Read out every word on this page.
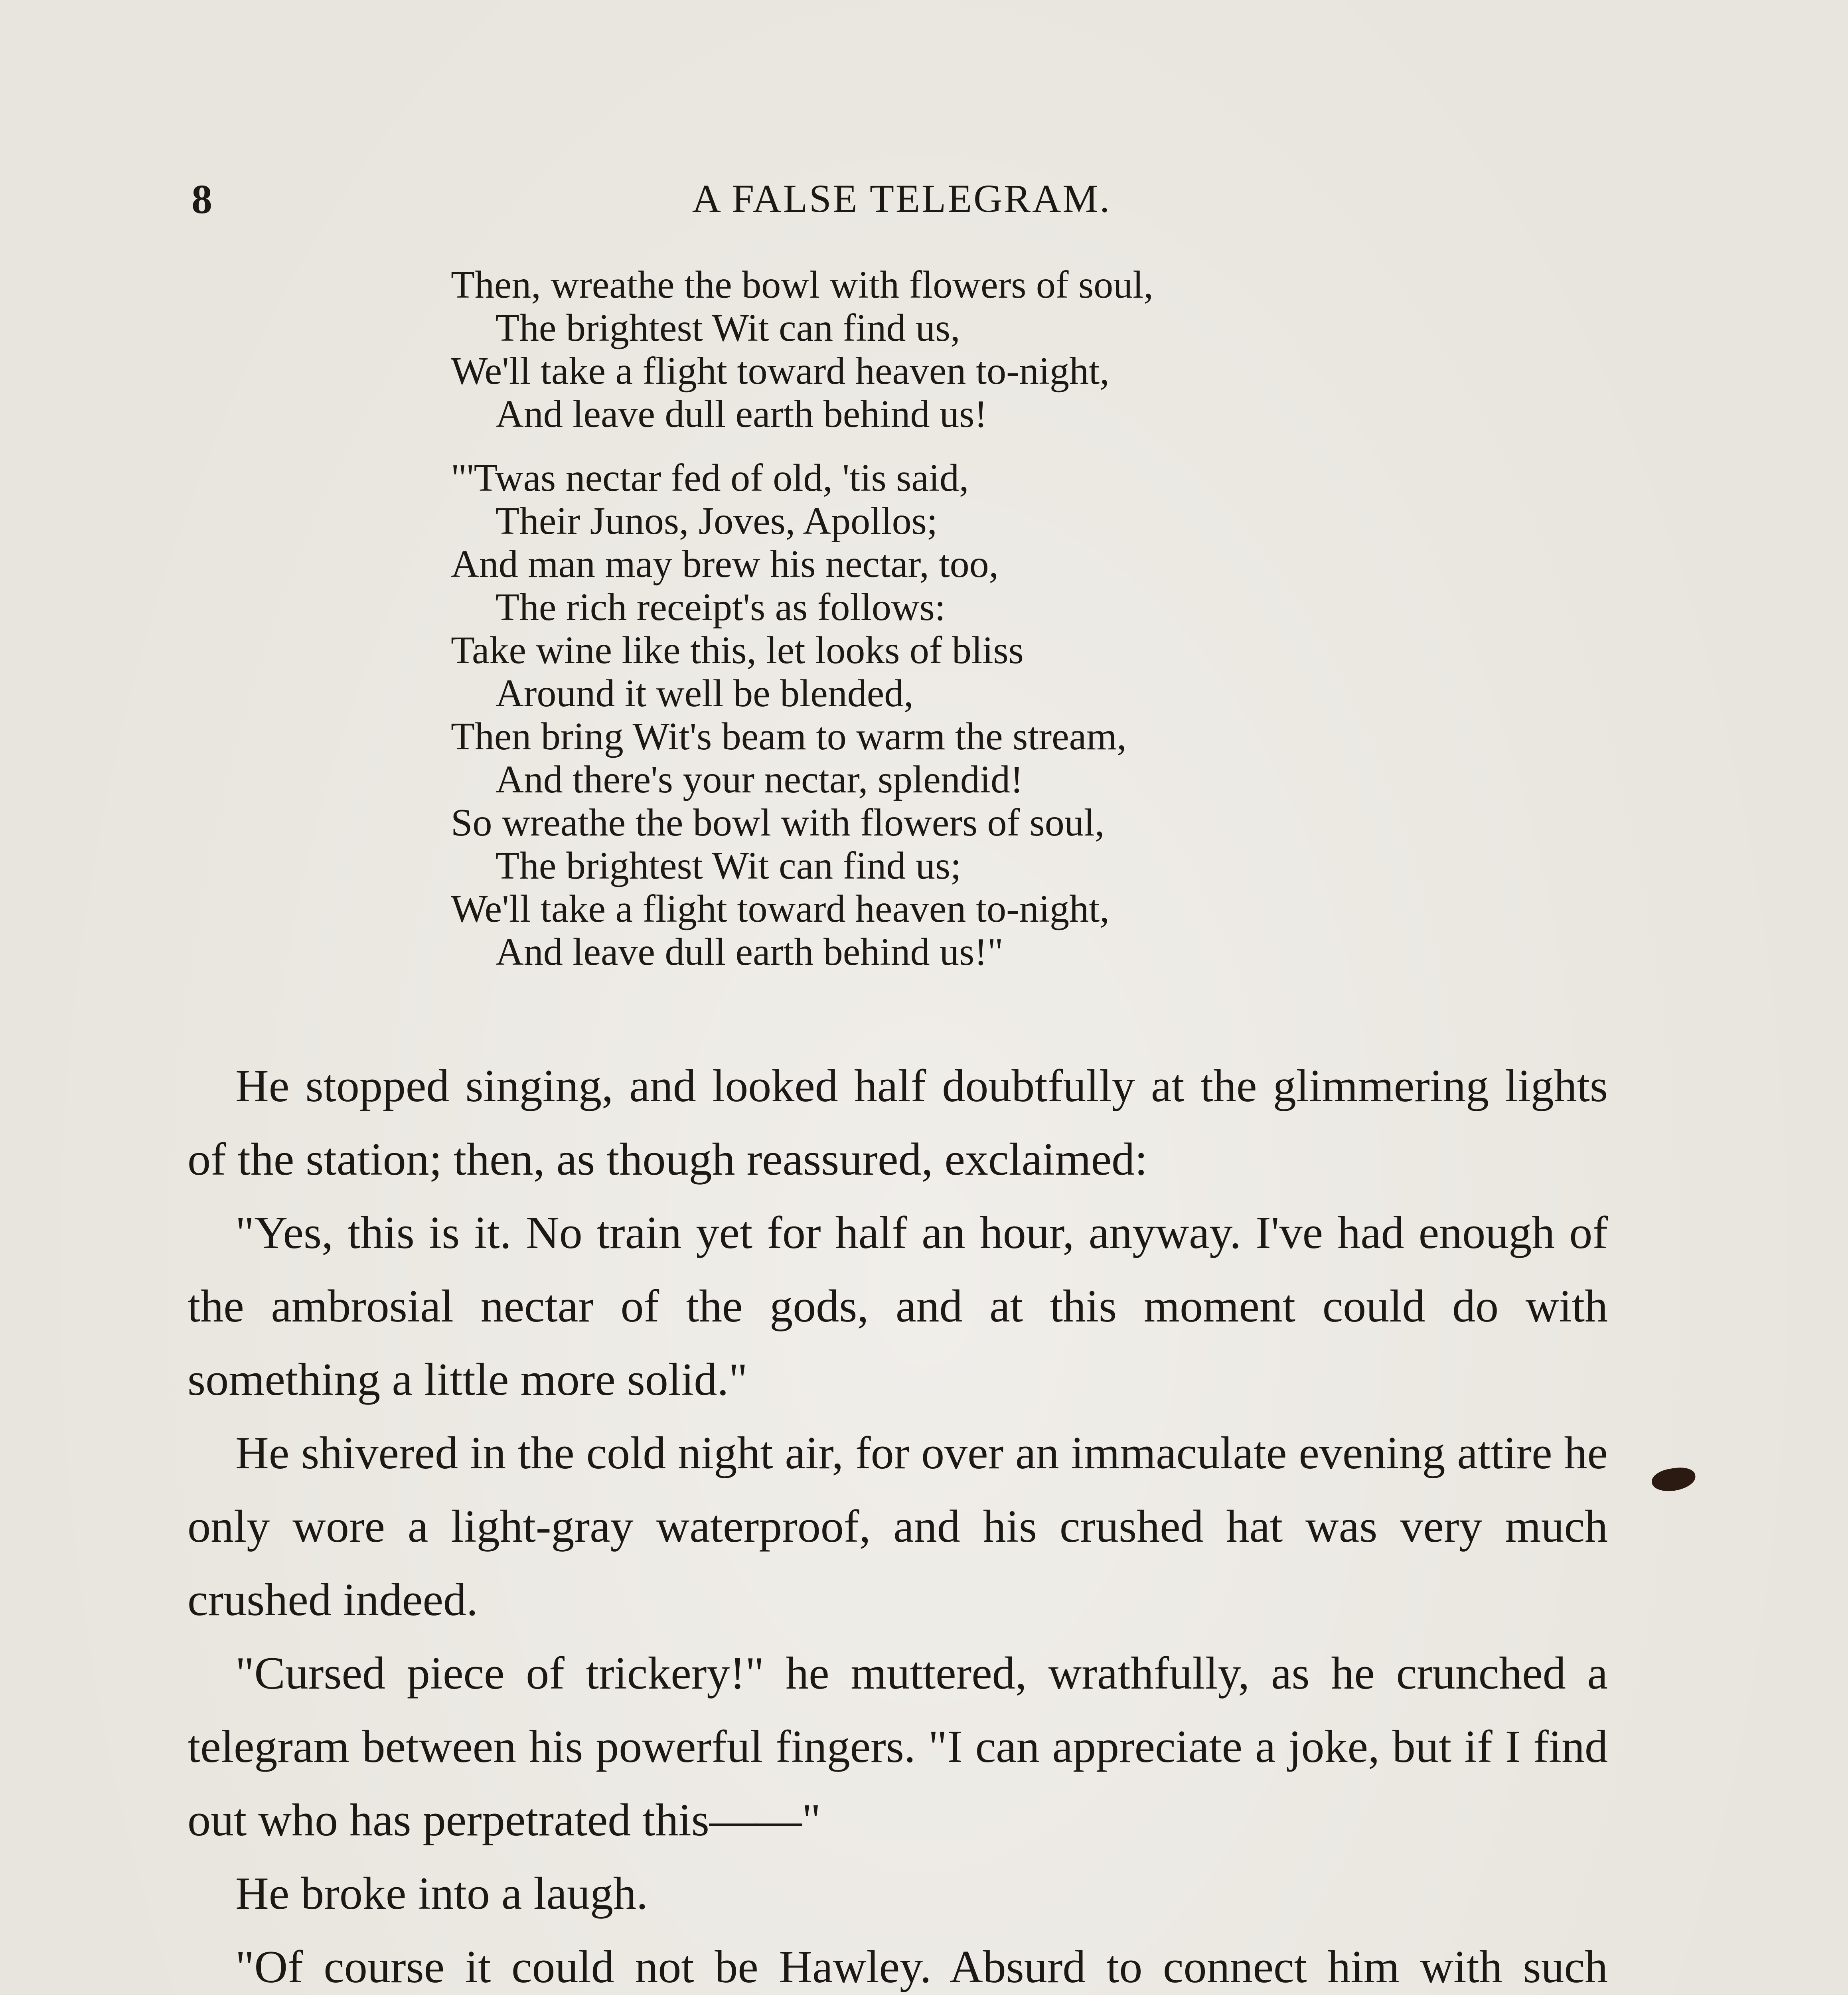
8	A FALSE TELEGRAM.
Then, wreathe the bowl with flowers of soul,
The brightest Wit can find us,
We'll take a flight toward heaven to-night,
And leave dull earth behind us!
"'Twas nectar fed of old, 'tis said,
Their Junos, Joves, Apollos;
And man may brew his nectar, too,
The rich receipt's as follows:
Take wine like this, let looks of bliss
Around it well be blended,
Then bring Wit's beam to warm the stream,
And there's your nectar, splendid!
So wreathe the bowl with flowers of soul,
The brightest Wit can find us;
We'll take a flight toward heaven to-night,
And leave dull earth behind us!"

He stopped singing, and looked half doubtfully at the glimmering lights of the station; then, as though reassured, exclaimed:

"Yes, this is it. No train yet for half an hour, anyway. I've had enough of the ambrosial nectar of the gods, and at this moment could do with something a little more solid."

He shivered in the cold night air, for over an immaculate evening attire he only wore a light-gray waterproof, and his crushed hat was very much crushed indeed.

"Cursed piece of trickery!" he muttered, wrathfully, as he crunched a telegram between his powerful fingers. "I can appreciate a joke, but if I find out who has perpetrated this——"

He broke into a laugh.

"Of course it could not be Hawley. Absurd to connect him with such
